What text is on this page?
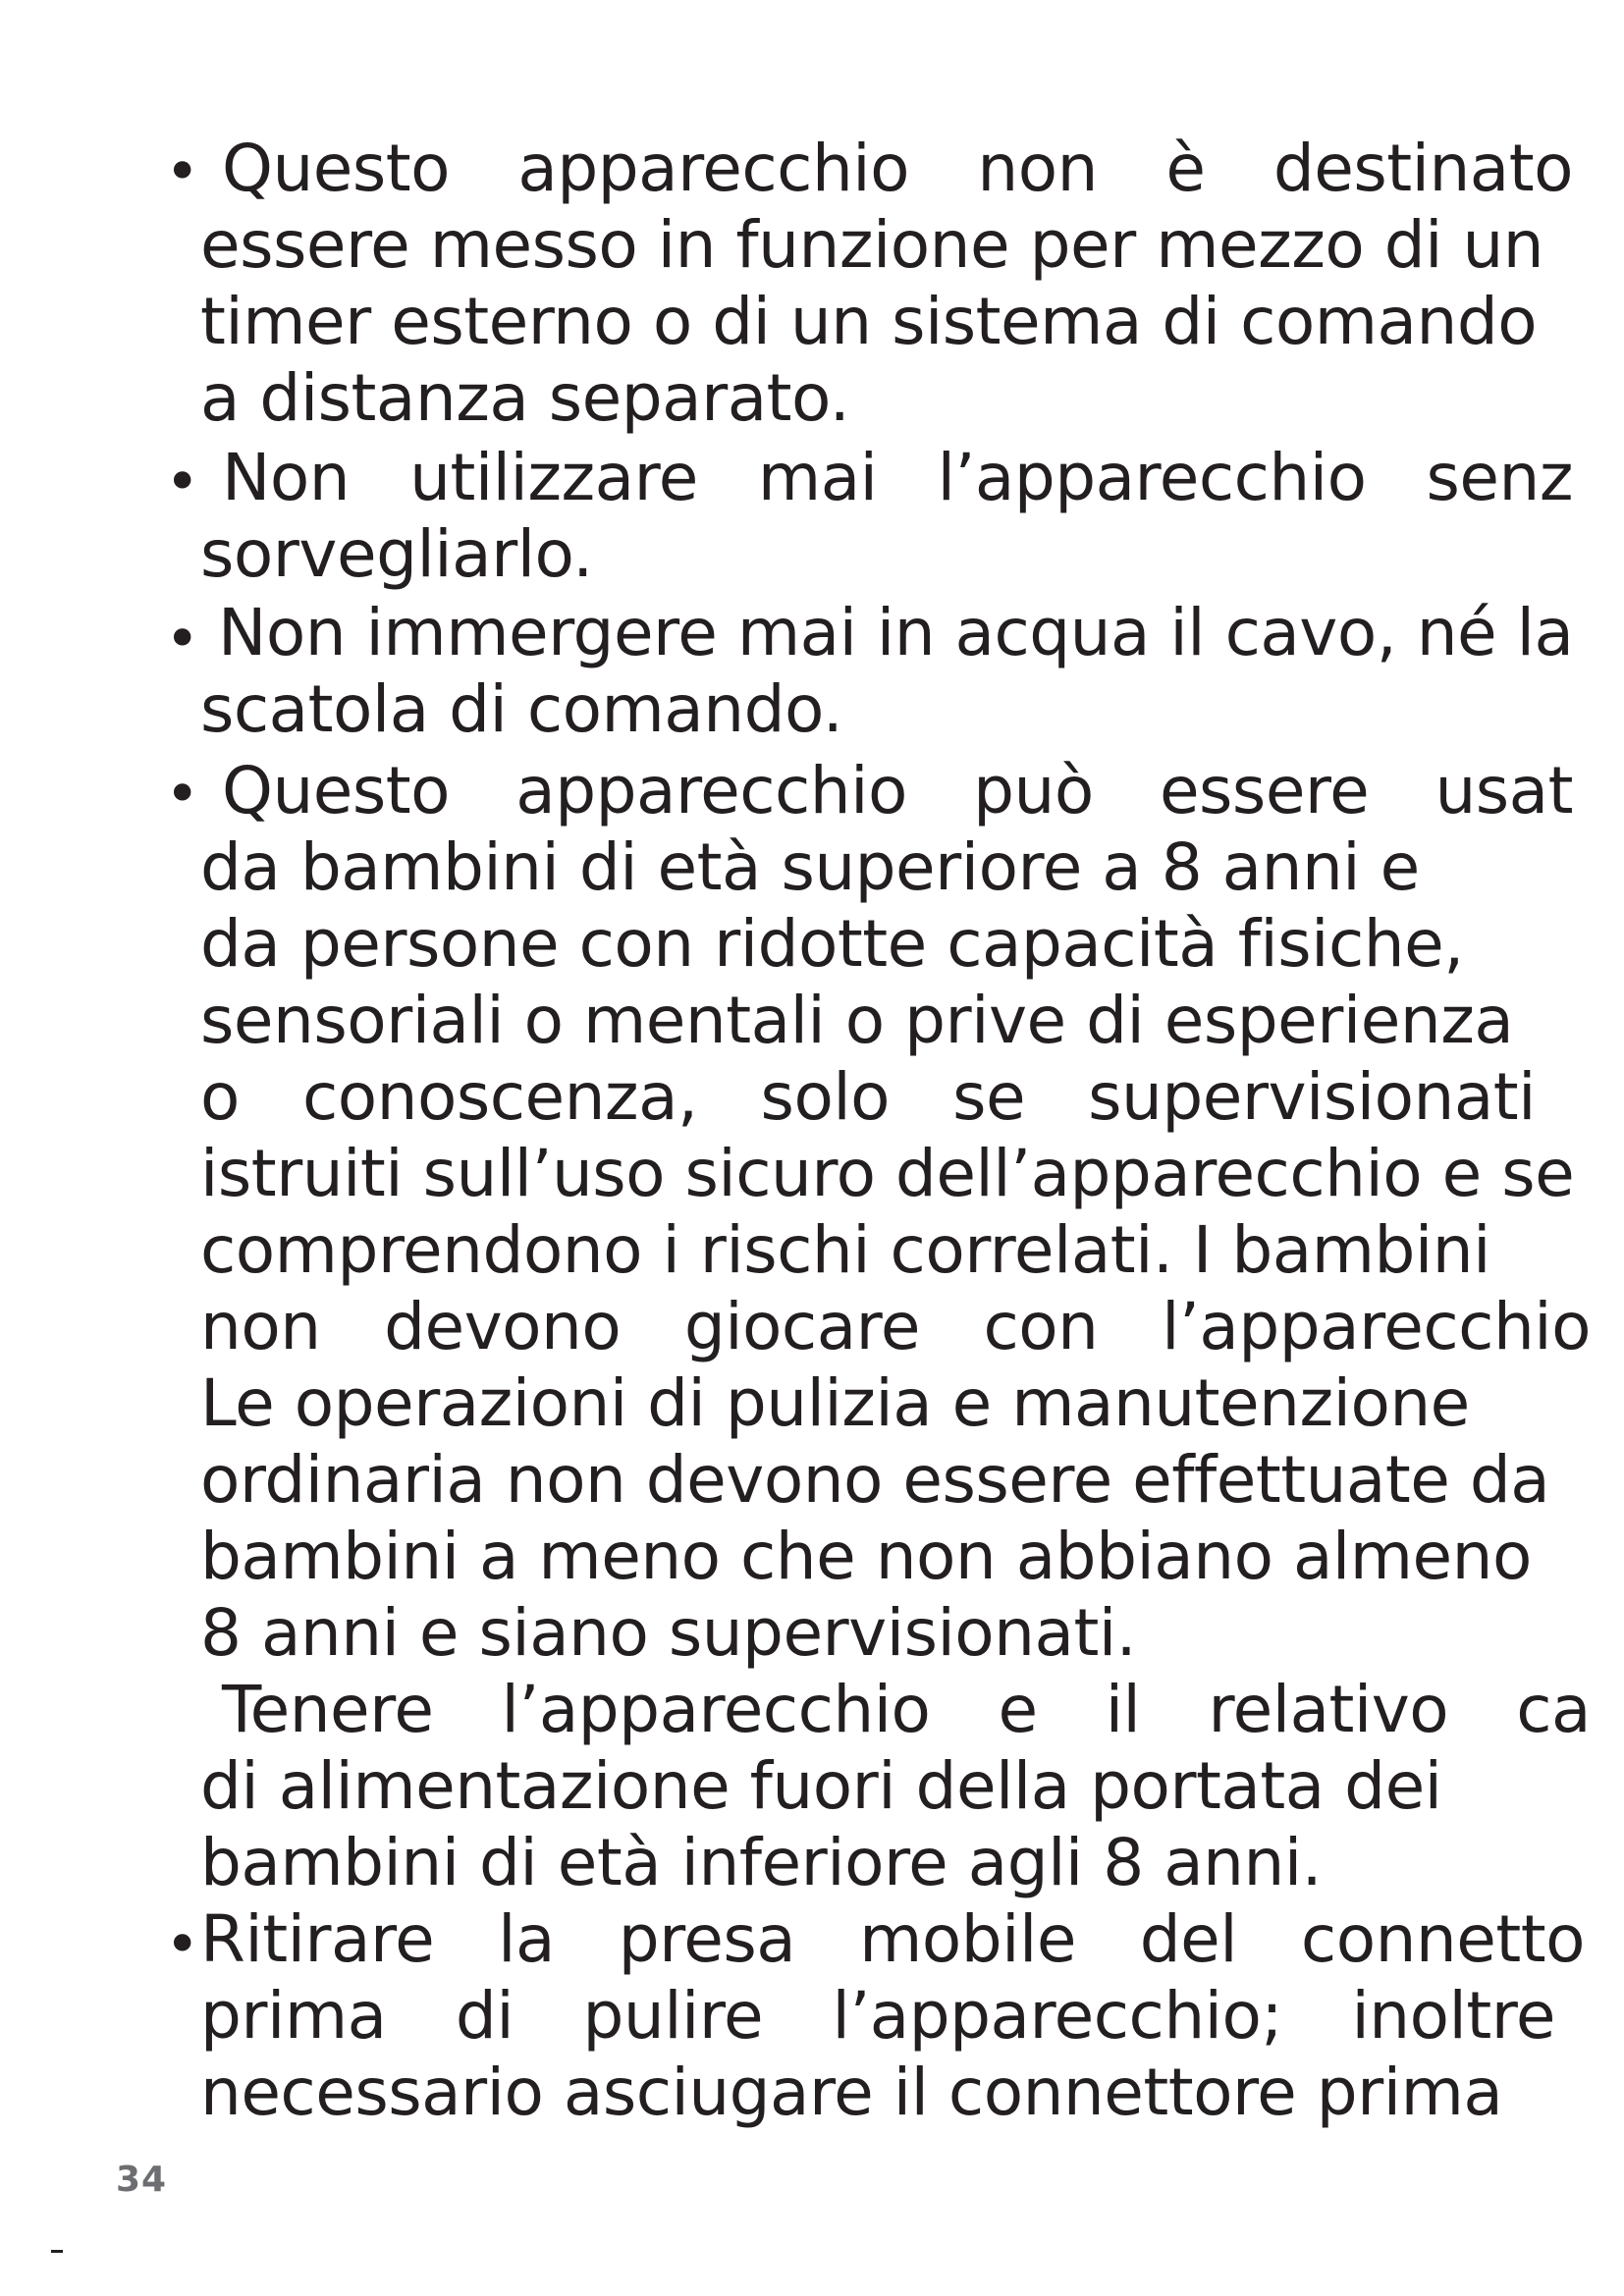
• Questo apparecchio non è destinato
essere messo in funzione per mezzo di un
timer esterno o di un sistema di comando
a distanza separato.
• Non utilizzare mai l’apparecchio senz
sorvegliarlo.
• Non immergere mai in acqua il cavo, né la
scatola di comando.
• Questo apparecchio può essere usat
da bambini di età superiore a 8 anni e
da persone con ridotte capacità fisiche,
sensoriali o mentali o prive di esperienza
o conoscenza, solo se supervisionati
istruiti sull’uso sicuro dell’apparecchio e se
comprendono i rischi correlati. I bambini
non devono giocare con l’apparecchio
Le operazioni di pulizia e manutenzione
ordinaria non devono essere effettuate da
bambini a meno che non abbiano almeno
8 anni e siano supervisionati.
Tenere l’apparecchio e il relativo ca
di alimentazione fuori della portata dei
bambini di età inferiore agli 8 anni.
• Ritirare la presa mobile del connetto
prima di pulire l’apparecchio; inoltre
necessario asciugare il connettore prima
34
